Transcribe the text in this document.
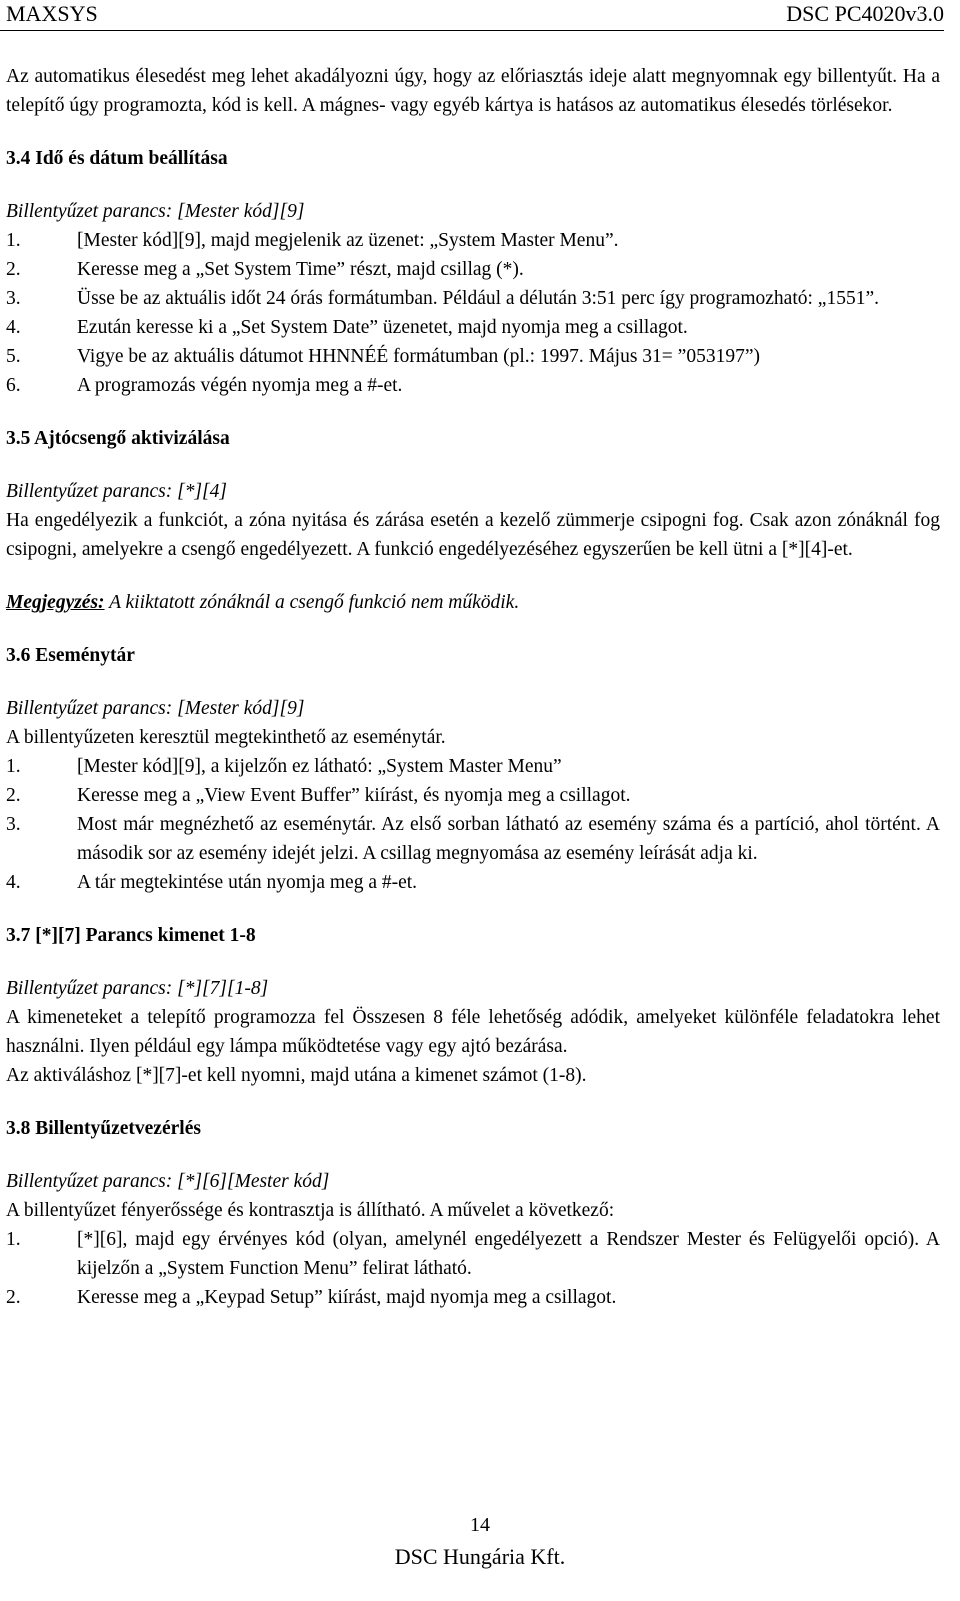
MAXSYS	DSC PC4020v3.0

Az automatikus élesedést meg lehet akadályozni úgy, hogy az előriasztás ideje alatt megnyomnak egy billentyűt. Ha a telepítő úgy programozta, kód is kell. A mágnes- vagy egyéb kártya is hatásos az automatikus élesedés törlésekor.

3.4 Idő és dátum beállítása

Billentyűzet parancs: [Mester kód][9]

1.	[Mester kód][9], majd megjelenik az üzenet: „System Master Menu”.
2.	Keresse meg a „Set System Time” részt, majd csillag (*).
3.	Üsse be az aktuális időt 24 órás formátumban. Például a délután 3:51 perc így programozható: „1551”.
4.	Ezután keresse ki a „Set System Date” üzenetet, majd nyomja meg a csillagot.
5.	Vigye be az aktuális dátumot HHNNÉÉ formátumban (pl.: 1997. Május 31= ”053197”)
6.	A programozás végén nyomja meg a #-et.

3.5 Ajtócsengő aktivizálása

Billentyűzet parancs: [*][4]

Ha engedélyezik a funkciót, a zóna nyitása és zárása esetén a kezelő zümmerje csipogni fog. Csak azon zónáknál fog csipogni, amelyekre a csengő engedélyezett. A funkció engedélyezéséhez egyszerűen be kell ütni a [*][4]-et.

Megjegyzés: A kiiktatott zónáknál a csengő funkció nem működik.

3.6 Eseménytár

Billentyűzet parancs: [Mester kód][9]

A billentyűzeten keresztül megtekinthető az eseménytár.

1.	[Mester kód][9], a kijelzőn ez látható: „System Master Menu”
2.	Keresse meg a „View Event Buffer” kiírást, és nyomja meg a csillagot.
3.	Most már megnézhető az eseménytár. Az első sorban látható az esemény száma és a partíció, ahol történt. A második sor az esemény idejét jelzi. A csillag megnyomása az esemény leírását adja ki.
4.	A tár megtekintése után nyomja meg a #-et.

3.7 [*][7] Parancs kimenet 1-8

Billentyűzet parancs: [*][7][1-8]

A kimeneteket a telepítő programozza fel Összesen 8 féle lehetőség adódik, amelyeket különféle feladatokra lehet használni. Ilyen például egy lámpa működtetése vagy egy ajtó bezárása.

Az aktiváláshoz [*][7]-et kell nyomni, majd utána a kimenet számot (1-8).

3.8 Billentyűzetvezérlés

Billentyűzet parancs: [*][6][Mester kód]

A billentyűzet fényerőssége és kontrasztja is állítható. A művelet a következő:

1.	[*][6], majd egy érvényes kód (olyan, amelynél engedélyezett a Rendszer Mester és Felügyelői opció). A kijelzőn a „System Function Menu” felirat látható.
2.	Keresse meg a „Keypad Setup” kiírást, majd nyomja meg a csillagot.
14
DSC Hungária Kft.
